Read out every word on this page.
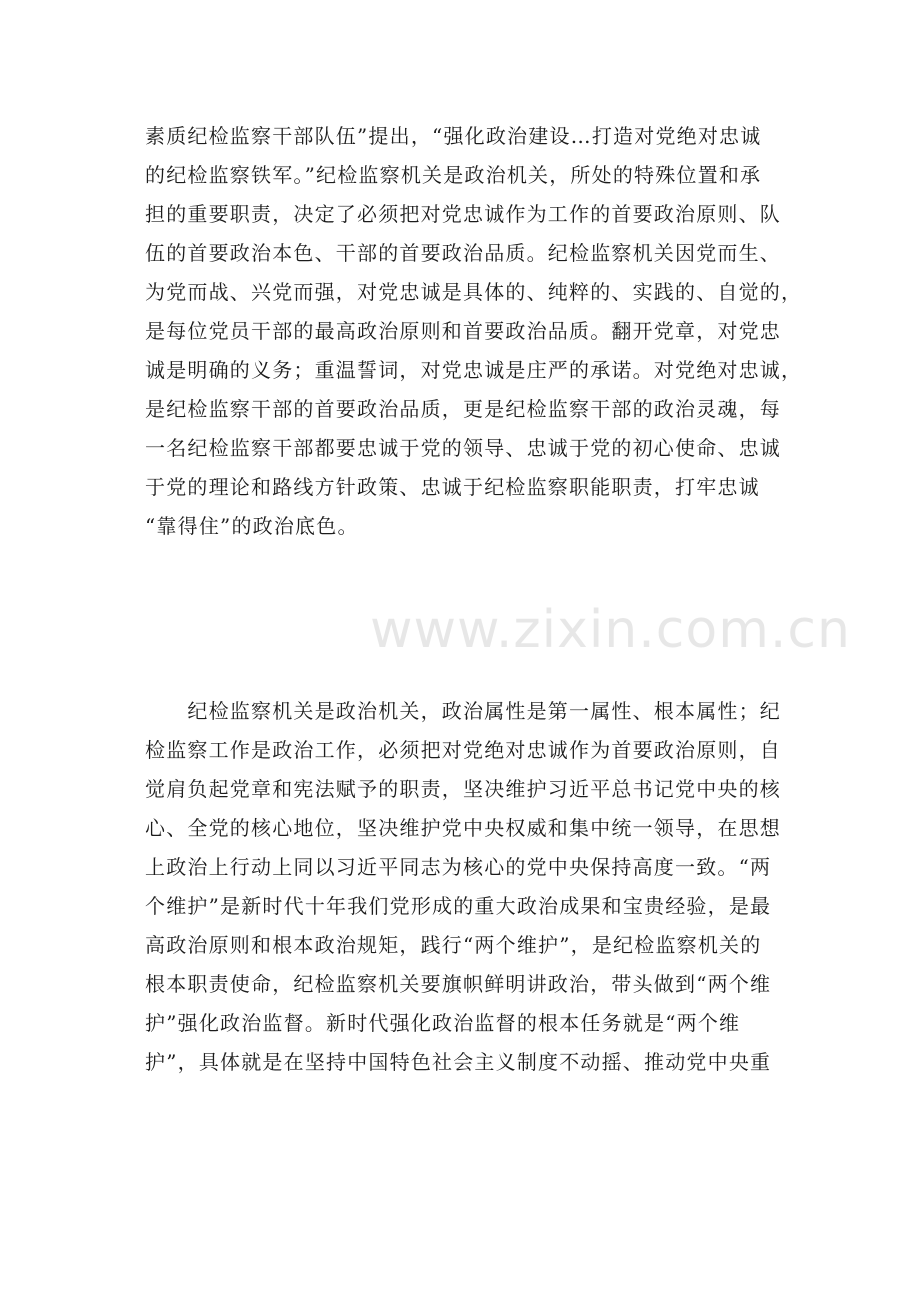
素质纪检监察干部队伍”提出，“强化政治建设…打造对党绝对忠诚
的纪检监察铁军。”纪检监察机关是政治机关，所处的特殊位置和承
担的重要职责，决定了必须把对党忠诚作为工作的首要政治原则、队
伍的首要政治本色、干部的首要政治品质。纪检监察机关因党而生、
为党而战、兴党而强，对党忠诚是具体的、纯粹的、实践的、自觉的，
是每位党员干部的最高政治原则和首要政治品质。翻开党章，对党忠
诚是明确的义务；重温誓词，对党忠诚是庄严的承诺。对党绝对忠诚，
是纪检监察干部的首要政治品质，更是纪检监察干部的政治灵魂，每
一名纪检监察干部都要忠诚于党的领导、忠诚于党的初心使命、忠诚
于党的理论和路线方针政策、忠诚于纪检监察职能职责，打牢忠诚
“靠得住”的政治底色。
www.zixin.com.cn
　　纪检监察机关是政治机关，政治属性是第一属性、根本属性；纪
检监察工作是政治工作，必须把对党绝对忠诚作为首要政治原则，自
觉肩负起党章和宪法赋予的职责，坚决维护习近平总书记党中央的核
心、全党的核心地位，坚决维护党中央权威和集中统一领导，在思想
上政治上行动上同以习近平同志为核心的党中央保持高度一致。“两
个维护”是新时代十年我们党形成的重大政治成果和宝贵经验，是最
高政治原则和根本政治规矩，践行“两个维护”，是纪检监察机关的
根本职责使命，纪检监察机关要旗帜鲜明讲政治，带头做到“两个维
护”强化政治监督。新时代强化政治监督的根本任务就是“两个维
护”，具体就是在坚持中国特色社会主义制度不动摇、推动党中央重
